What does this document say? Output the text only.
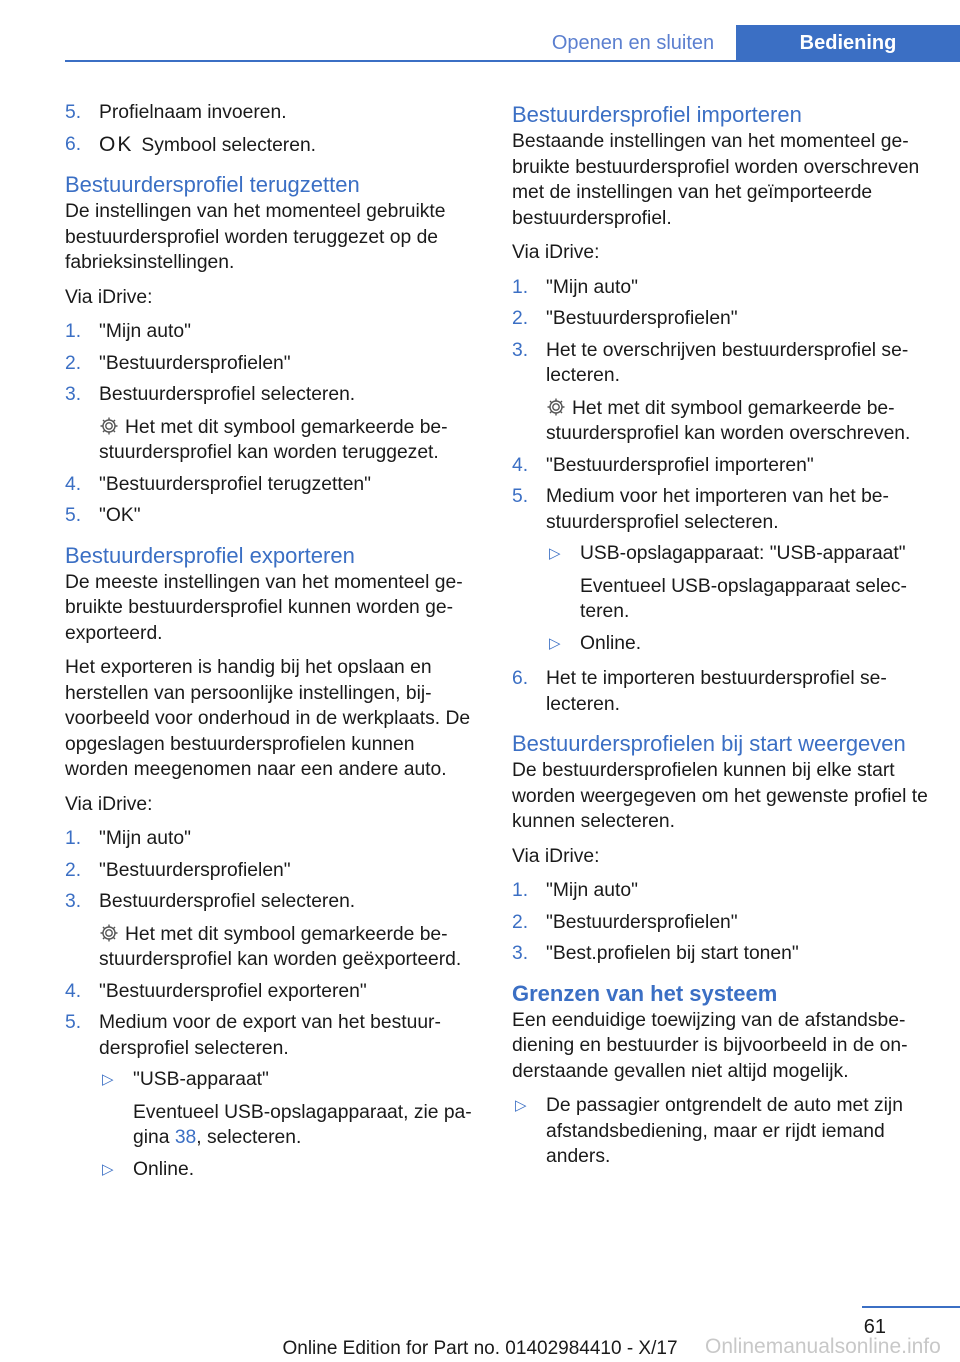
Openen en sluiten	Bediening
5. Profielnaam invoeren.
6. OK Symbool selecteren.
Bestuurdersprofiel terugzetten

De instellingen van het momenteel gebruikte bestuurdersprofiel worden teruggezet op de fabrieksinstellingen.

Via iDrive:

1. "Mijn auto"
2. "Bestuurdersprofielen"
3. Bestuurdersprofiel selecteren.
Het met dit symbool gemarkeerde bestuurdersprofiel kan worden teruggezet.
4. "Bestuurdersprofiel terugzetten"
5. "OK"
Bestuurdersprofiel exporteren

De meeste instellingen van het momenteel gebruikte bestuurdersprofiel kunnen worden geexporteerd.

Het exporteren is handig bij het opslaan en herstellen van persoonlijke instellingen, bijvoorbeeld voor onderhoud in de werkplaats. De opgeslagen bestuurdersprofielen kunnen worden meegenomen naar een andere auto.

Via iDrive:

1. "Mijn auto"
2. "Bestuurdersprofielen"
3. Bestuurdersprofiel selecteren.
Het met dit symbool gemarkeerde bestuurdersprofiel kan worden geëxporteerd.
4. "Bestuurdersprofiel exporteren"
5. Medium voor de export van het bestuurdersprofiel selecteren.
▷ "USB-apparaat"
Eventueel USB-opslagapparaat, zie pagina 38, selecteren.
▷ Online.
Bestuurdersprofiel importeren

Bestaande instellingen van het momenteel gebruikte bestuurdersprofiel worden overschreven met de instellingen van het geïmporteerde bestuurdersprofiel.

Via iDrive:

1. "Mijn auto"
2. "Bestuurdersprofielen"
3. Het te overschrijven bestuurdersprofiel selecteren.
Het met dit symbool gemarkeerde bestuurdersprofiel kan worden overschreven.
4. "Bestuurdersprofiel importeren"
5. Medium voor het importeren van het bestuurdersprofiel selecteren.
▷ USB-opslagapparaat: "USB-apparaat"
Eventueel USB-opslagapparaat selecteren.
▷ Online.
6. Het te importeren bestuurdersprofiel selecteren.
Bestuurdersprofielen bij start weergeven

De bestuurdersprofielen kunnen bij elke start worden weergegeven om het gewenste profiel te kunnen selecteren.

Via iDrive:

1. "Mijn auto"
2. "Bestuurdersprofielen"
3. "Best.profielen bij start tonen"
Grenzen van het systeem

Een eenduidige toewijzing van de afstandsbediening en bestuurder is bijvoorbeeld in de onderstaande gevallen niet altijd mogelijk.

▷ De passagier ontgrendelt de auto met zijn afstandsbediening, maar er rijdt iemand anders.
61
Online Edition for Part no. 01402984410 - X/17	Onlinemanualsonline.info
